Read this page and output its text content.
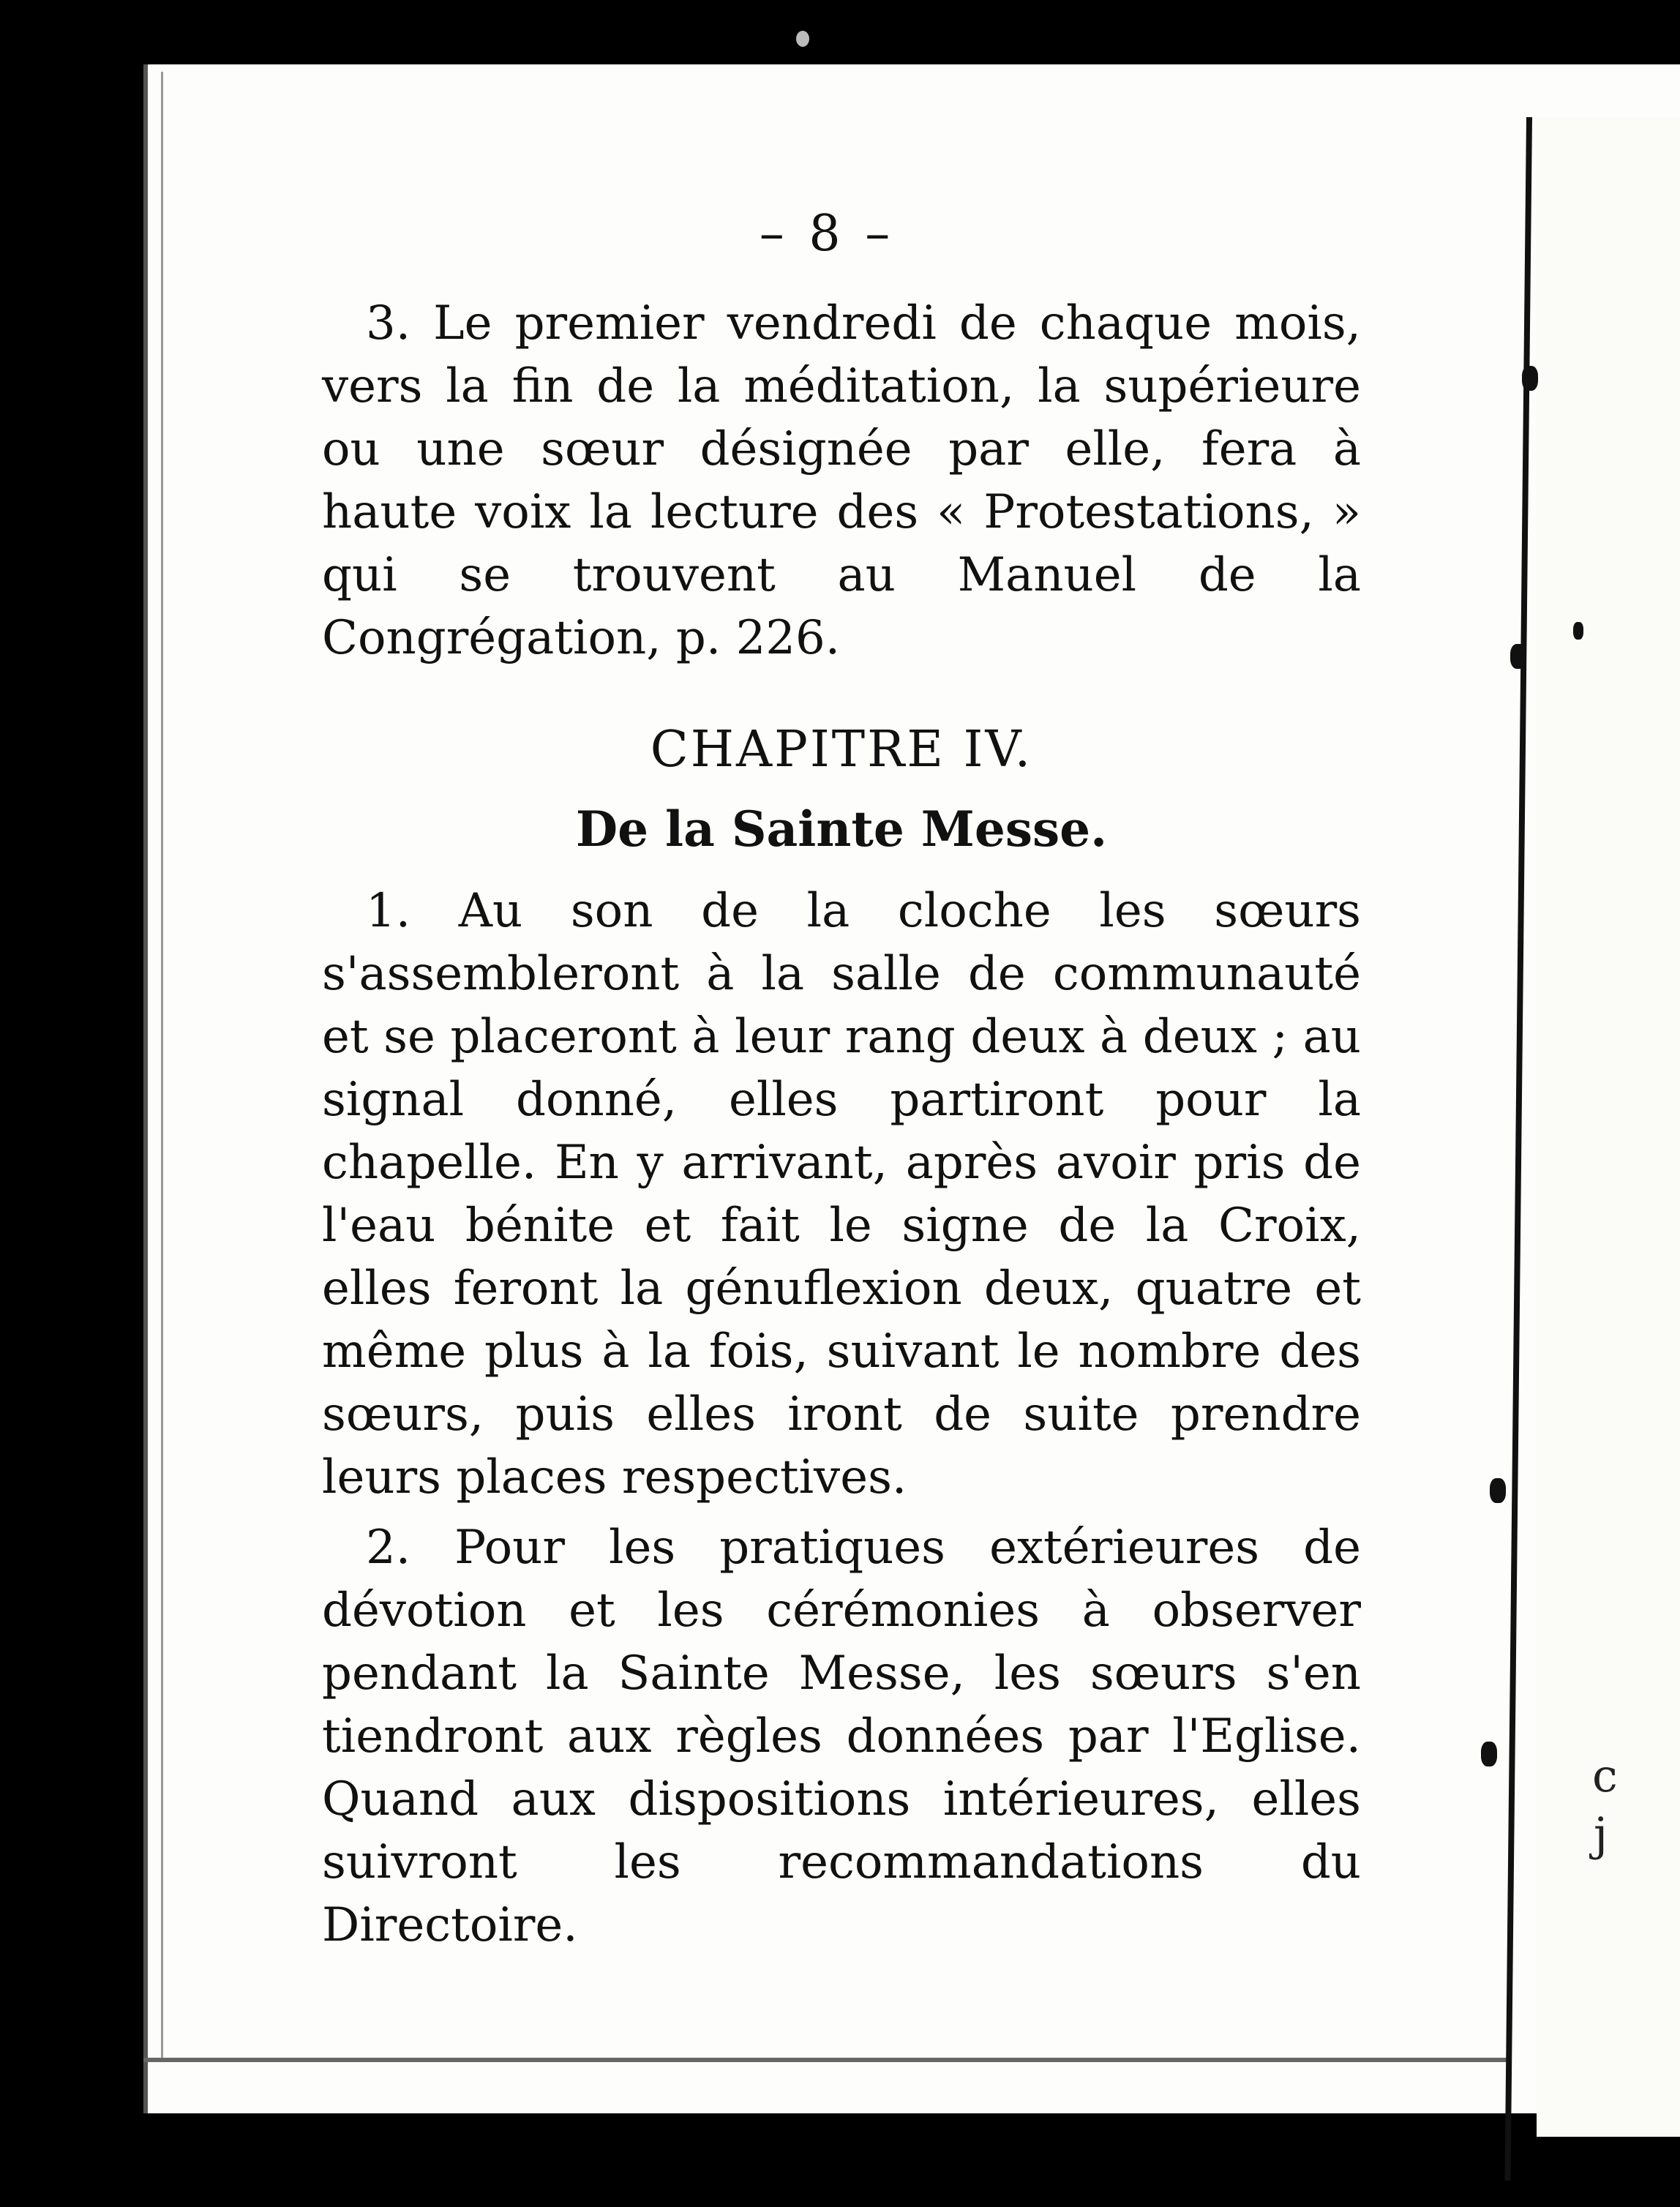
c
j
– 8 –

3. Le premier vendredi de chaque mois, vers la fin de la méditation, la supérieure ou une sœur désignée par elle, fera à haute voix la lecture des « Protestations, » qui se trouvent au Manuel de la Congrégation, p. 226.

CHAPITRE IV.
De la Sainte Messe.

1. Au son de la cloche les sœurs s'assembleront à la salle de communauté et se placeront à leur rang deux à deux ; au signal donné, elles partiront pour la chapelle. En y arrivant, après avoir pris de l'eau bénite et fait le signe de la Croix, elles feront la génuflexion deux, quatre et même plus à la fois, suivant le nombre des sœurs, puis elles iront de suite prendre leurs places respectives.

2. Pour les pratiques extérieures de dévotion et les cérémonies à observer pendant la Sainte Messe, les sœurs s'en tiendront aux règles données par l'Eglise. Quand aux dispositions intérieures, elles suivront les recommandations du Directoire.
